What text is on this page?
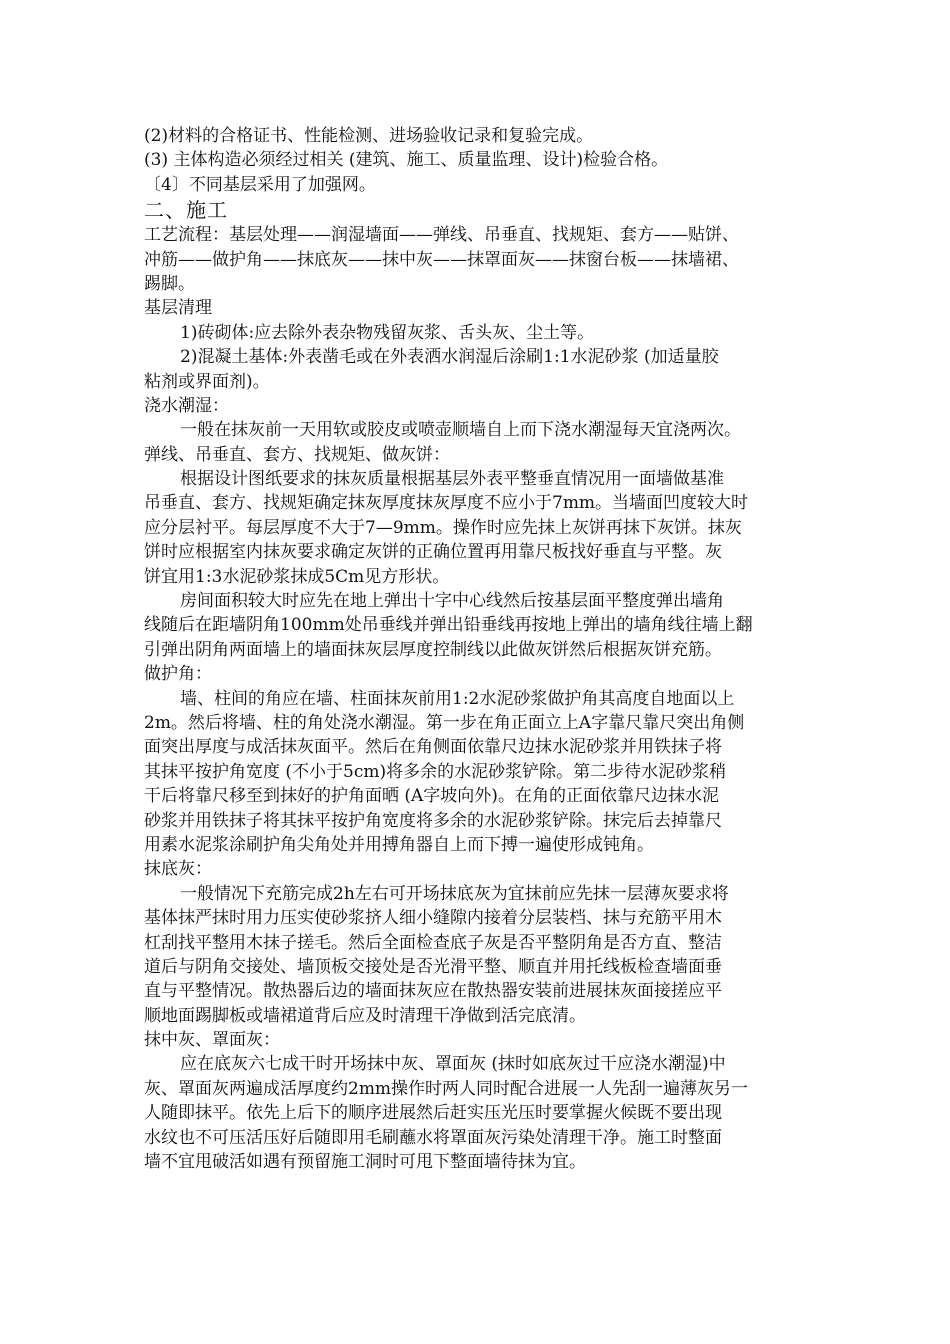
(2)材料的合格证书、性能检测、进场验收记录和复验完成。
(3) 主体构造必须经过相关 (建筑、施工、质量监理、设计)检验合格。
〔4〕不同基层采用了加强网。
二、施工
工艺流程：基层处理——润湿墙面——弹线、吊垂直、找规矩、套方——贴饼、
冲筋——做护角——抹底灰——抹中灰——抹罩面灰——抹窗台板——抹墙裙、
踢脚。
基层清理
1)砖砌体:应去除外表杂物残留灰浆、舌头灰、尘土等。
2)混凝土基体:外表凿毛或在外表洒水润湿后涂刷1:1水泥砂浆 (加适量胶
粘剂或界面剂)。
浇水潮湿：
一般在抹灰前一天用软或胶皮或喷壶顺墙自上而下浇水潮湿每天宜浇两次。
弹线、吊垂直、套方、找规矩、做灰饼：
根据设计图纸要求的抹灰质量根据基层外表平整垂直情况用一面墙做基准
吊垂直、套方、找规矩确定抹灰厚度抹灰厚度不应小于7mm。当墙面凹度较大时
应分层衬平。每层厚度不大于7—9mm。操作时应先抹上灰饼再抹下灰饼。抹灰
饼时应根据室内抹灰要求确定灰饼的正确位置再用靠尺板找好垂直与平整。灰
饼宜用1:3水泥砂浆抹成5Cm见方形状。
房间面积较大时应先在地上弹出十字中心线然后按基层面平整度弹出墙角
线随后在距墙阴角100mm处吊垂线并弹出铅垂线再按地上弹出的墙角线往墙上翻
引弹出阴角两面墙上的墙面抹灰层厚度控制线以此做灰饼然后根据灰饼充筋。
做护角：
墙、柱间的角应在墙、柱面抹灰前用1:2水泥砂浆做护角其高度自地面以上
2m。然后将墙、柱的角处浇水潮湿。第一步在角正面立上A字靠尺靠尺突出角侧
面突出厚度与成活抹灰面平。然后在角侧面依靠尺边抹水泥砂浆并用铁抹子将
其抹平按护角宽度 (不小于5cm)将多余的水泥砂浆铲除。第二步待水泥砂浆稍
干后将靠尺移至到抹好的护角面晒 (A字坡向外)。在角的正面依靠尺边抹水泥
砂浆并用铁抹子将其抹平按护角宽度将多余的水泥砂浆铲除。抹完后去掉靠尺
用素水泥浆涂刷护角尖角处并用搏角器自上而下搏一遍使形成钝角。
抹底灰：
一般情况下充筋完成2h左右可开场抹底灰为宜抹前应先抹一层薄灰要求将
基体抹严抹时用力压实使砂浆挤人细小缝隙内接着分层装档、抹与充筋平用木
杠刮找平整用木抹子搓毛。然后全面检查底子灰是否平整阴角是否方直、整洁
道后与阴角交接处、墙顶板交接处是否光滑平整、顺直并用托线板检查墙面垂
直与平整情况。散热器后边的墙面抹灰应在散热器安装前进展抹灰面接搓应平
顺地面踢脚板或墙裙道背后应及时清理干净做到活完底清。
抹中灰、罩面灰：
应在底灰六七成干时开场抹中灰、罩面灰 (抹时如底灰过干应浇水潮湿)中
灰、罩面灰两遍成活厚度约2mm操作时两人同时配合进展一人先刮一遍薄灰另一
人随即抹平。依先上后下的顺序进展然后赶实压光压时要掌握火候既不要出现
水纹也不可压活压好后随即用毛刷蘸水将罩面灰污染处清理干净。施工时整面
墙不宜甩破活如遇有预留施工洞时可甩下整面墙待抹为宜。
